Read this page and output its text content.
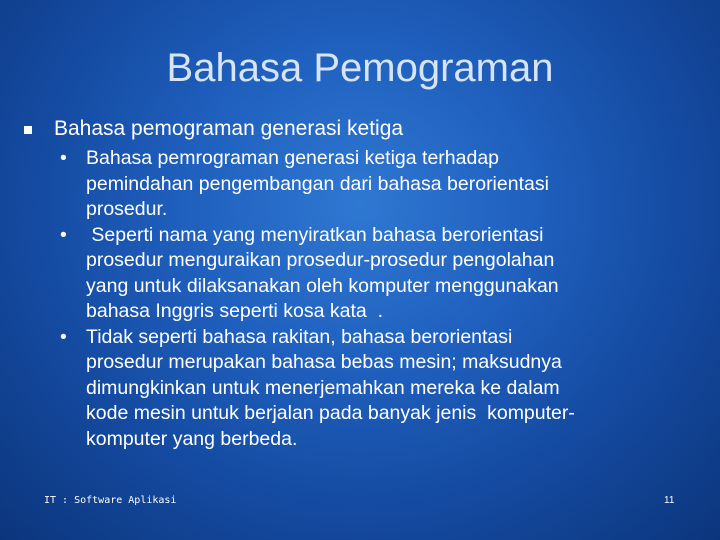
Bahasa Pemograman
Bahasa pemograman generasi ketiga
• Bahasa pemrograman generasi ketiga terhadap
pemindahan pengembangan dari bahasa berorientasi
prosedur.
• Seperti nama yang menyiratkan bahasa berorientasi
prosedur menguraikan prosedur-prosedur pengolahan
yang untuk dilaksanakan oleh komputer menggunakan
bahasa Inggris seperti kosa kata  .
• Tidak seperti bahasa rakitan, bahasa berorientasi
prosedur merupakan bahasa bebas mesin; maksudnya
dimungkinkan untuk menerjemahkan mereka ke dalam
kode mesin untuk berjalan pada banyak jenis  komputer-
komputer yang berbeda.
IT : Software Aplikasi	11
